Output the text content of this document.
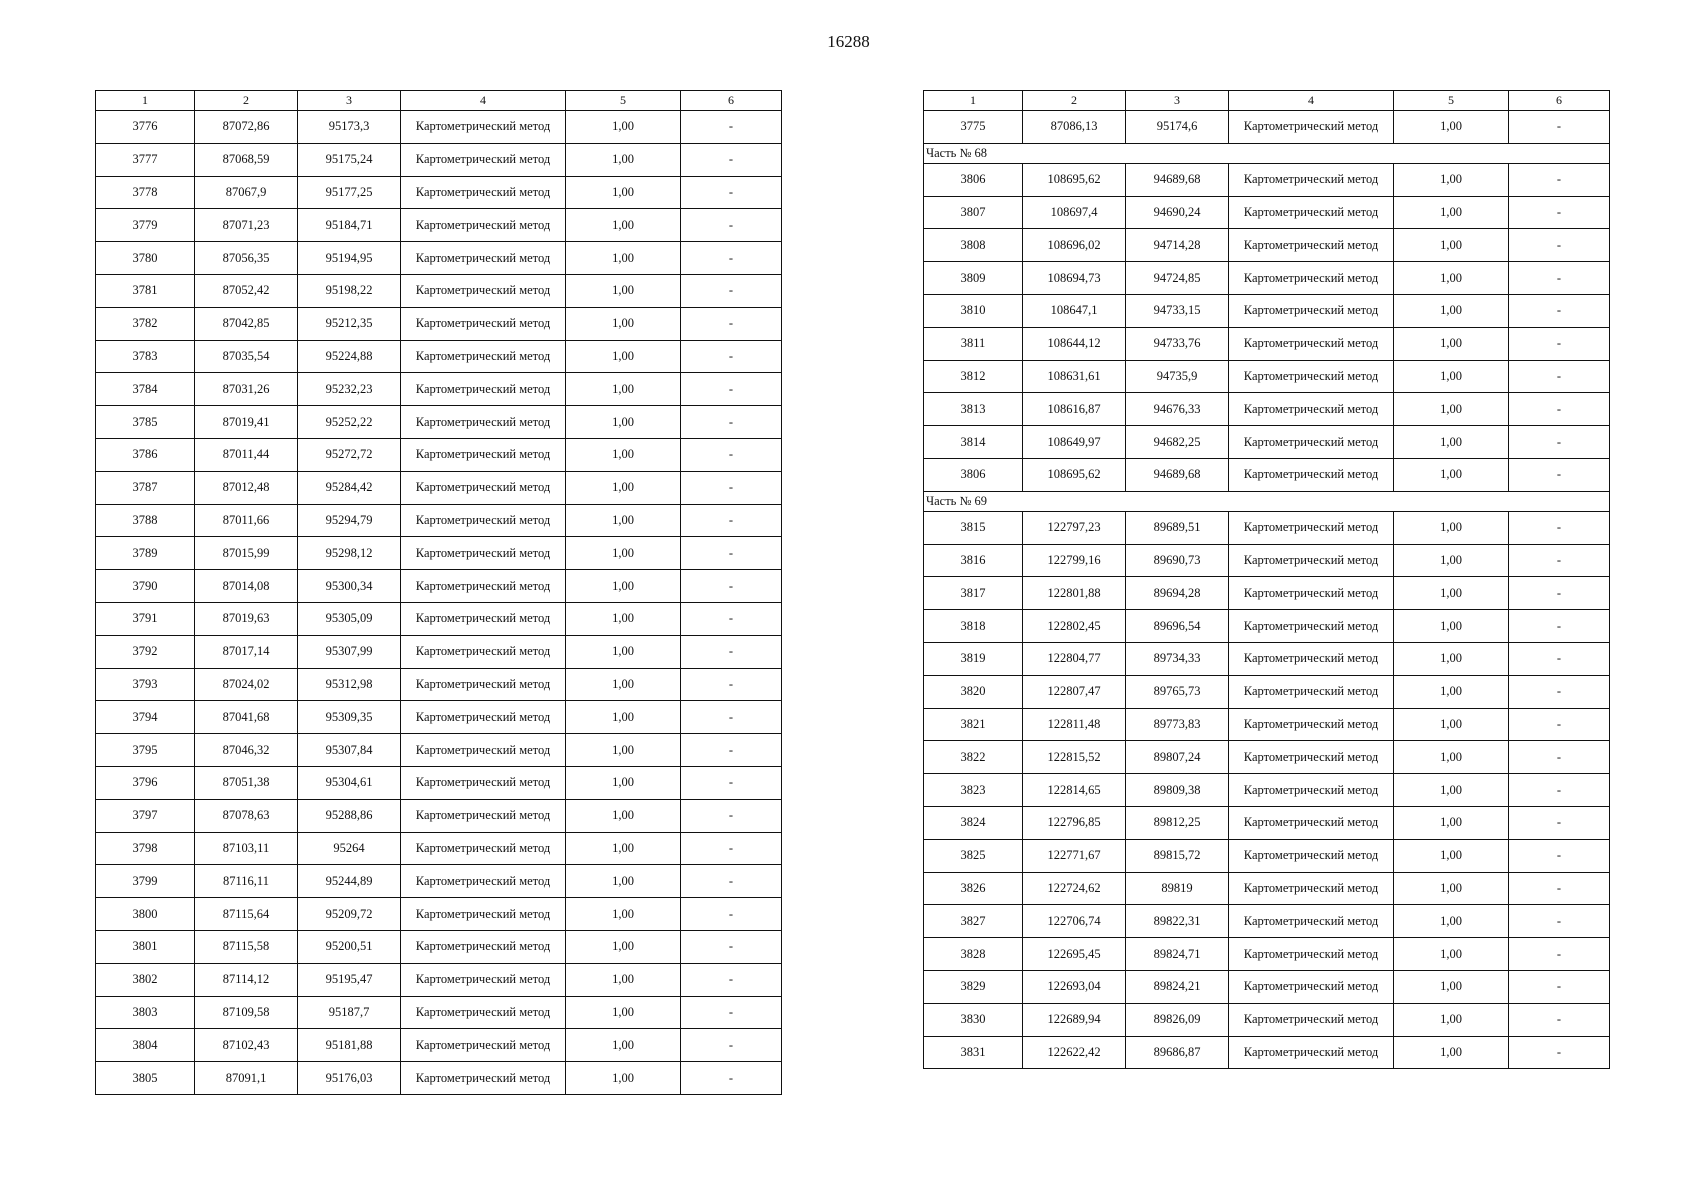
16288
1	2	3	4	5	6
3776	87072,86	95173,3	Картометрический метод	1,00	-
3777	87068,59	95175,24	Картометрический метод	1,00	-
3778	87067,9	95177,25	Картометрический метод	1,00	-
3779	87071,23	95184,71	Картометрический метод	1,00	-
3780	87056,35	95194,95	Картометрический метод	1,00	-
3781	87052,42	95198,22	Картометрический метод	1,00	-
3782	87042,85	95212,35	Картометрический метод	1,00	-
3783	87035,54	95224,88	Картометрический метод	1,00	-
3784	87031,26	95232,23	Картометрический метод	1,00	-
3785	87019,41	95252,22	Картометрический метод	1,00	-
3786	87011,44	95272,72	Картометрический метод	1,00	-
3787	87012,48	95284,42	Картометрический метод	1,00	-
3788	87011,66	95294,79	Картометрический метод	1,00	-
3789	87015,99	95298,12	Картометрический метод	1,00	-
3790	87014,08	95300,34	Картометрический метод	1,00	-
3791	87019,63	95305,09	Картометрический метод	1,00	-
3792	87017,14	95307,99	Картометрический метод	1,00	-
3793	87024,02	95312,98	Картометрический метод	1,00	-
3794	87041,68	95309,35	Картометрический метод	1,00	-
3795	87046,32	95307,84	Картометрический метод	1,00	-
3796	87051,38	95304,61	Картометрический метод	1,00	-
3797	87078,63	95288,86	Картометрический метод	1,00	-
3798	87103,11	95264	Картометрический метод	1,00	-
3799	87116,11	95244,89	Картометрический метод	1,00	-
3800	87115,64	95209,72	Картометрический метод	1,00	-
3801	87115,58	95200,51	Картометрический метод	1,00	-
3802	87114,12	95195,47	Картометрический метод	1,00	-
3803	87109,58	95187,7	Картометрический метод	1,00	-
3804	87102,43	95181,88	Картометрический метод	1,00	-
3805	87091,1	95176,03	Картометрический метод	1,00	-
1	2	3	4	5	6
3775	87086,13	95174,6	Картометрический метод	1,00	-
Часть № 68					
3806	108695,62	94689,68	Картометрический метод	1,00	-
3807	108697,4	94690,24	Картометрический метод	1,00	-
3808	108696,02	94714,28	Картометрический метод	1,00	-
3809	108694,73	94724,85	Картометрический метод	1,00	-
3810	108647,1	94733,15	Картометрический метод	1,00	-
3811	108644,12	94733,76	Картометрический метод	1,00	-
3812	108631,61	94735,9	Картометрический метод	1,00	-
3813	108616,87	94676,33	Картометрический метод	1,00	-
3814	108649,97	94682,25	Картометрический метод	1,00	-
3806	108695,62	94689,68	Картометрический метод	1,00	-
Часть № 69					
3815	122797,23	89689,51	Картометрический метод	1,00	-
3816	122799,16	89690,73	Картометрический метод	1,00	-
3817	122801,88	89694,28	Картометрический метод	1,00	-
3818	122802,45	89696,54	Картометрический метод	1,00	-
3819	122804,77	89734,33	Картометрический метод	1,00	-
3820	122807,47	89765,73	Картометрический метод	1,00	-
3821	122811,48	89773,83	Картометрический метод	1,00	-
3822	122815,52	89807,24	Картометрический метод	1,00	-
3823	122814,65	89809,38	Картометрический метод	1,00	-
3824	122796,85	89812,25	Картометрический метод	1,00	-
3825	122771,67	89815,72	Картометрический метод	1,00	-
3826	122724,62	89819	Картометрический метод	1,00	-
3827	122706,74	89822,31	Картометрический метод	1,00	-
3828	122695,45	89824,71	Картометрический метод	1,00	-
3829	122693,04	89824,21	Картометрический метод	1,00	-
3830	122689,94	89826,09	Картометрический метод	1,00	-
3831	122622,42	89686,87	Картометрический метод	1,00	-
